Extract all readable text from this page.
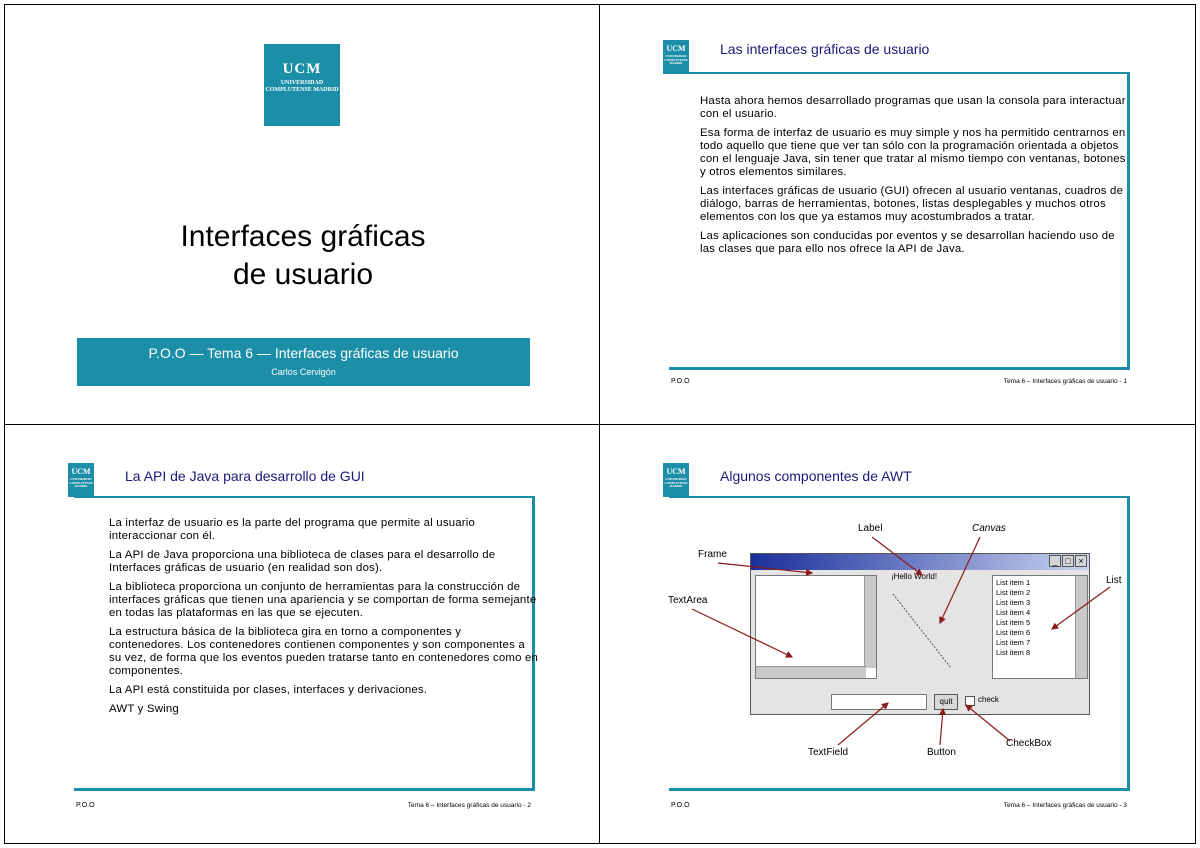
UCM
UNIVERSIDAD COMPLUTENSE MADRID
Interfaces gráficas
de usuario
P.O.O — Tema 6 — Interfaces gráficas de usuario
Carlos Cervigón
UCM
UNIVERSIDAD COMPLUTENSE MADRID
Las interfaces gráficas de usuario

Hasta ahora hemos desarrollado programas que usan la consola para interactuar con el usuario.

Esa forma de interfaz de usuario es muy simple y nos ha permitido centrarnos en todo aquello que tiene que ver tan sólo con la programación orientada a objetos con el lenguaje Java, sin tener que tratar al mismo tiempo con ventanas, botones y otros elementos similares.

Las interfaces gráficas de usuario (GUI) ofrecen al usuario ventanas, cuadros de diálogo, barras de herramientas, botones, listas desplegables y muchos otros elementos con los que ya estamos muy acostumbrados a tratar.

Las aplicaciones son conducidas por eventos y se desarrollan haciendo uso de las clases que para ello nos ofrece la API de Java.

P.O.O	Tema 6 – Interfaces gráficas de usuario - 1
UCM
UNIVERSIDAD COMPLUTENSE MADRID
La API de Java para desarrollo de GUI

La interfaz de usuario es la parte del programa que permite al usuario interaccionar con él.

La API de Java proporciona una biblioteca de clases para el desarrollo de Interfaces gráficas de usuario (en realidad son dos).

La biblioteca proporciona un conjunto de herramientas para la construcción de interfaces gráficas que tienen una apariencia y se comportan de forma semejante en todas las plataformas en las que se ejecuten.

La estructura básica de la biblioteca gira en torno a componentes y contenedores. Los contenedores contienen componentes y son componentes a su vez, de forma que los eventos pueden tratarse tanto en contenedores como en componentes.

La API está constituida por clases, interfaces y derivaciones.

AWT y Swing

P.O.O	Tema 6 – Interfaces gráficas de usuario - 2
UCM
UNIVERSIDAD COMPLUTENSE MADRID
Algunos componentes de AWT
_ □ ×
¡Hello World!
List item 1
List item 2
List item 3
List item 4
List item 5
List item 6
List item 7
List item 8
quit	check
Label	Canvas
Frame
List
TextArea
TextField	Button
CheckBox
P.O.O	Tema 6 – Interfaces gráficas de usuario - 3
